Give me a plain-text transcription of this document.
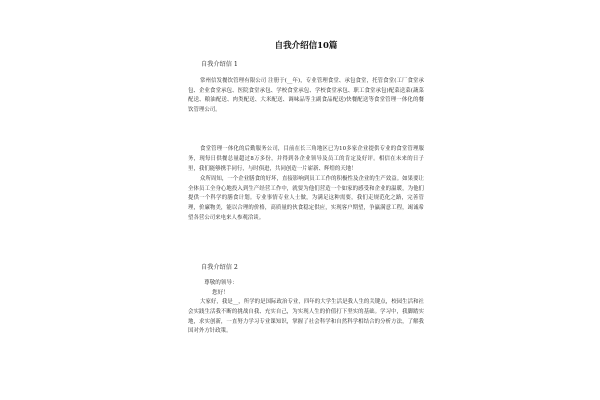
自我介绍信10篇
自我介绍信 1

常州信发餐饮管理有限公司 注册于(__年)，专业管理食堂、承包食堂，托管食堂(工厂食堂承包、企业食堂承包、医院食堂承包、学校食堂承包、学校食堂承包、职工食堂承包)配菜送菜(蔬菜配送、粮油配送、肉类配送、大米配送、调味品等主副食品配送)快餐配送等食堂管理一体化的餐饮管理公司。

食堂管理一体化的后勤服务公司，目前在长三角地区已为10多家企业提供专业的食堂管理服务，现每日供餐总量超过8万多份，并得到各企业领导及员工的肯定及好评。相信在未来的日子里，我们能够携手同行，与时俱进，共同创造一片崭新、辉煌的天地！

众所周知，一个企业膳食的好坏，直接影响到员工工作的积极性及企业的生产效益。如果要让全体员工全身心地投入到生产经营工作中，就要为他们营造一个如家的感受和企业的温暖，为他们提供一个科学的膳食计划。专业事情专业人士做，为满足这种需要，我们走规范化之路，完善管理，价廉物美，能以合理的价格，高质量的伙食稳定供应，实现客户期望，争赢满意工程，竭诚希望各营公司来电来人参观洽谈。

自我介绍信 2
尊敬的领导：
您好！

大家好，我是__，所学的是国际政治专业，四年的大学生活是我人生的关键点，校园生活和社会实践生活我不断的挑战自我、充实自己，为实现人生的价值打下坚实的基础。学习中，我脚踏实地，求实创新，一直努力学习专业课知识，掌握了社会科学和自然科学相结合的分析方法，了解我国对外方针政策。
